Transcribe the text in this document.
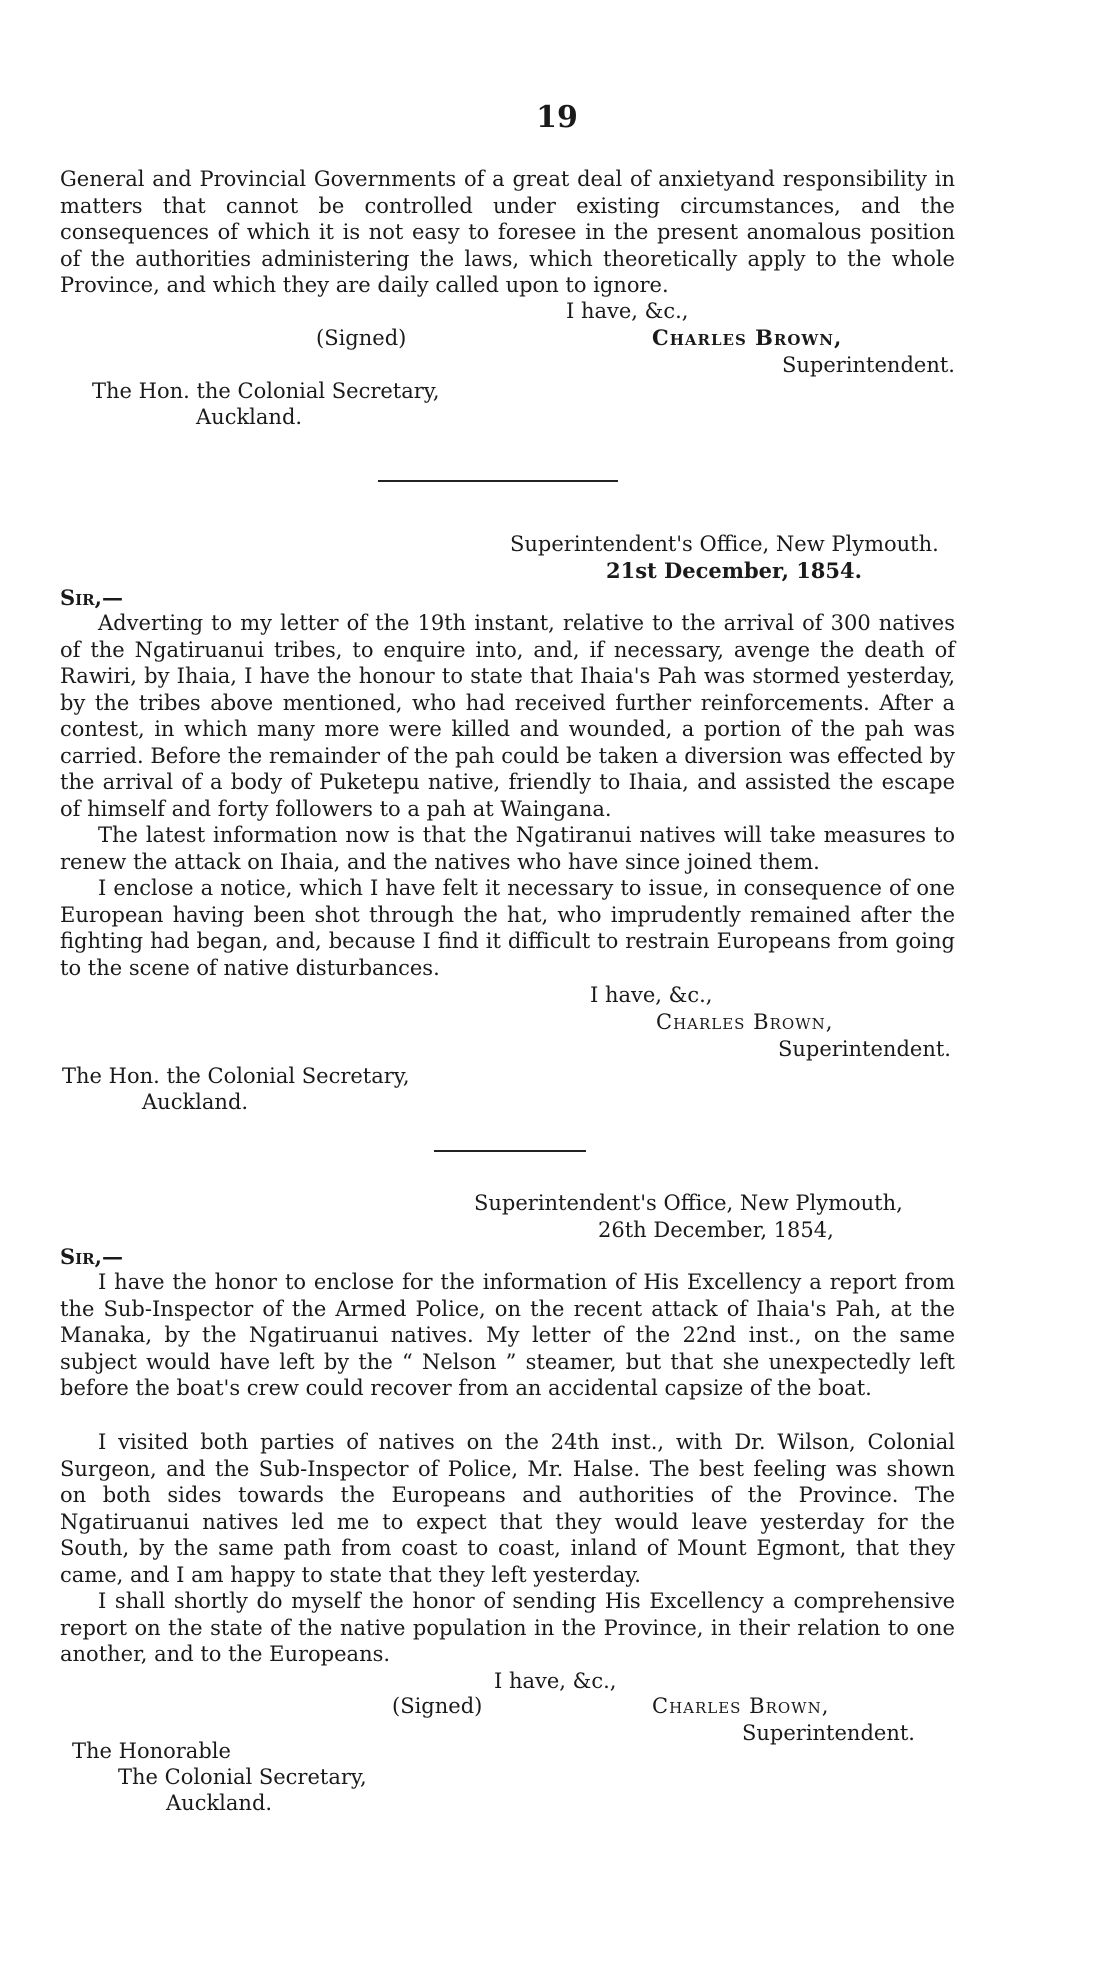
19

General and Provincial Governments of a great deal of anxietyand responsibility in matters that cannot be controlled under existing circumstances, and the consequences of which it is not easy to foresee in the present anomalous position of the authorities administering the laws, which theoretically apply to the whole Province, and which they are daily called upon to ignore.

I have, &c.,
(Signed)	Charles Brown,
Superintendent.
The Hon. the Colonial Secretary,
Auckland.
Superintendent's Office, New Plymouth.
21st December, 1854.
Sir,—

Adverting to my letter of the 19th instant, relative to the arrival of 300 natives of the Ngatiruanui tribes, to enquire into, and, if necessary, avenge the death of Rawiri, by Ihaia, I have the honour to state that Ihaia's Pah was stormed yesterday, by the tribes above mentioned, who had received further reinforcements. After a contest, in which many more were killed and wounded, a portion of the pah was carried. Before the remainder of the pah could be taken a diversion was effected by the arrival of a body of Puketepu native, friendly to Ihaia, and assisted the escape of himself and forty followers to a pah at Waingana.

The latest information now is that the Ngatiranui natives will take measures to renew the attack on Ihaia, and the natives who have since joined them.

I enclose a notice, which I have felt it necessary to issue, in consequence of one European having been shot through the hat, who imprudently remained after the fighting had began, and, because I find it difficult to restrain Europeans from going to the scene of native disturbances.

I have, &c.,
Charles Brown,
Superintendent.
The Hon. the Colonial Secretary,
Auckland.
Superintendent's Office, New Plymouth,
26th December, 1854,
Sir,—

I have the honor to enclose for the information of His Excellency a report from the Sub-Inspector of the Armed Police, on the recent attack of Ihaia's Pah, at the Manaka, by the Ngatiruanui natives. My letter of the 22nd inst., on the same subject would have left by the “ Nelson ” steamer, but that she unexpectedly left before the boat's crew could recover from an accidental capsize of the boat.

I visited both parties of natives on the 24th inst., with Dr. Wilson, Colonial Surgeon, and the Sub-Inspector of Police, Mr. Halse. The best feeling was shown on both sides towards the Europeans and authorities of the Province. The Ngatiruanui natives led me to expect that they would leave yesterday for the South, by the same path from coast to coast, inland of Mount Egmont, that they came, and I am happy to state that they left yesterday.

I shall shortly do myself the honor of sending His Excellency a comprehensive report on the state of the native population in the Province, in their relation to one another, and to the Europeans.

I have, &c.,
(Signed)	Charles Brown,
Superintendent.
The Honorable
The Colonial Secretary,
Auckland.
